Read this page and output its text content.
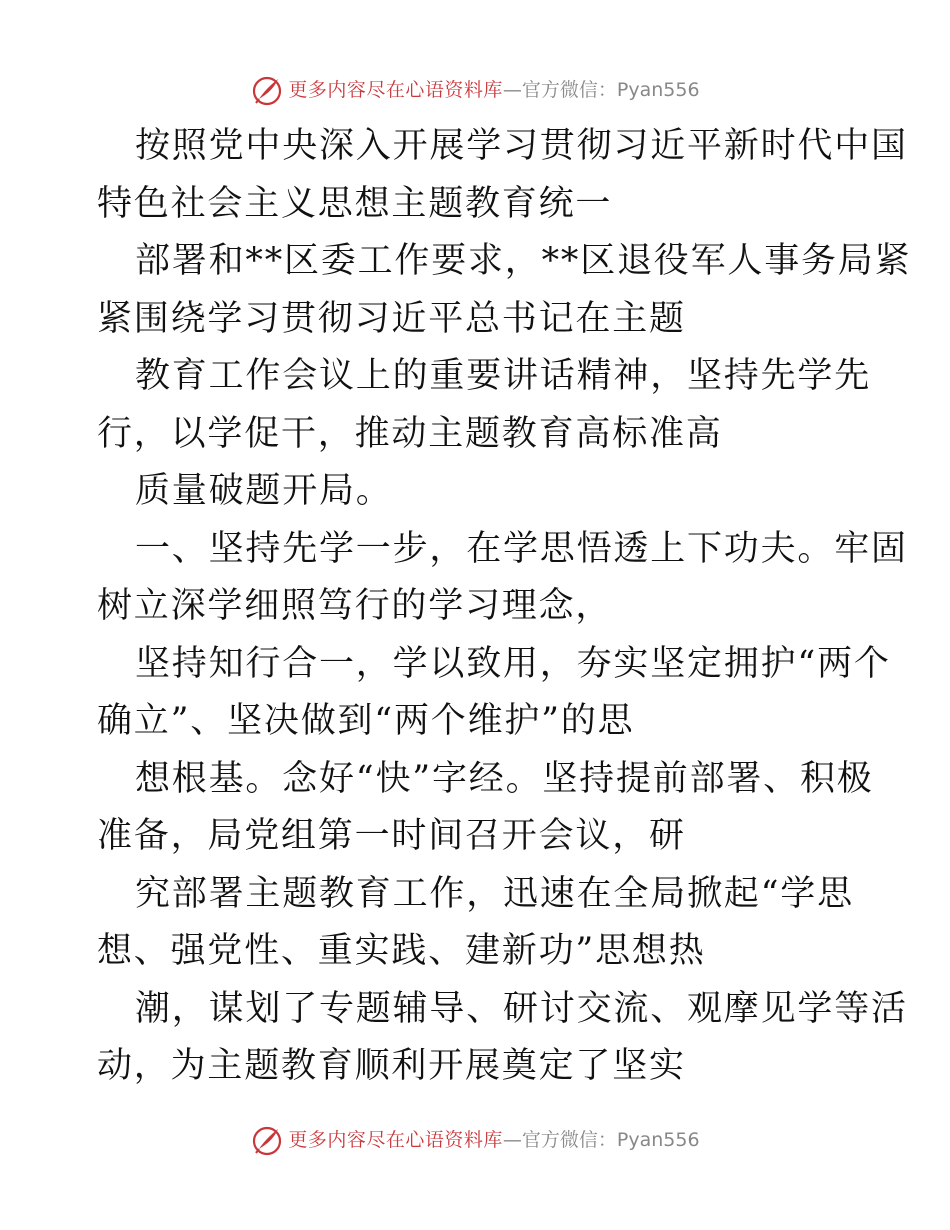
更多内容尽在心语资料库 — 官方微信：Pyan556

按照党中央深入开展学习贯彻习近平新时代中国
特色社会主义思想主题教育统一

部署和**区委工作要求，**区退役军人事务局紧
紧围绕学习贯彻习近平总书记在主题

教育工作会议上的重要讲话精神，坚持先学先
行，以学促干，推动主题教育高标准高

质量破题开局。

一、坚持先学一步，在学思悟透上下功夫。牢固
树立深学细照笃行的学习理念，

坚持知行合一，学以致用，夯实坚定拥护“两个
确立”、坚决做到“两个维护”的思

想根基。念好“快”字经。坚持提前部署、积极
准备，局党组第一时间召开会议，研

究部署主题教育工作，迅速在全局掀起“学思
想、强党性、重实践、建新功”思想热

潮，谋划了专题辅导、研讨交流、观摩见学等活
动，为主题教育顺利开展奠定了坚实

更多内容尽在心语资料库 — 官方微信：Pyan556
